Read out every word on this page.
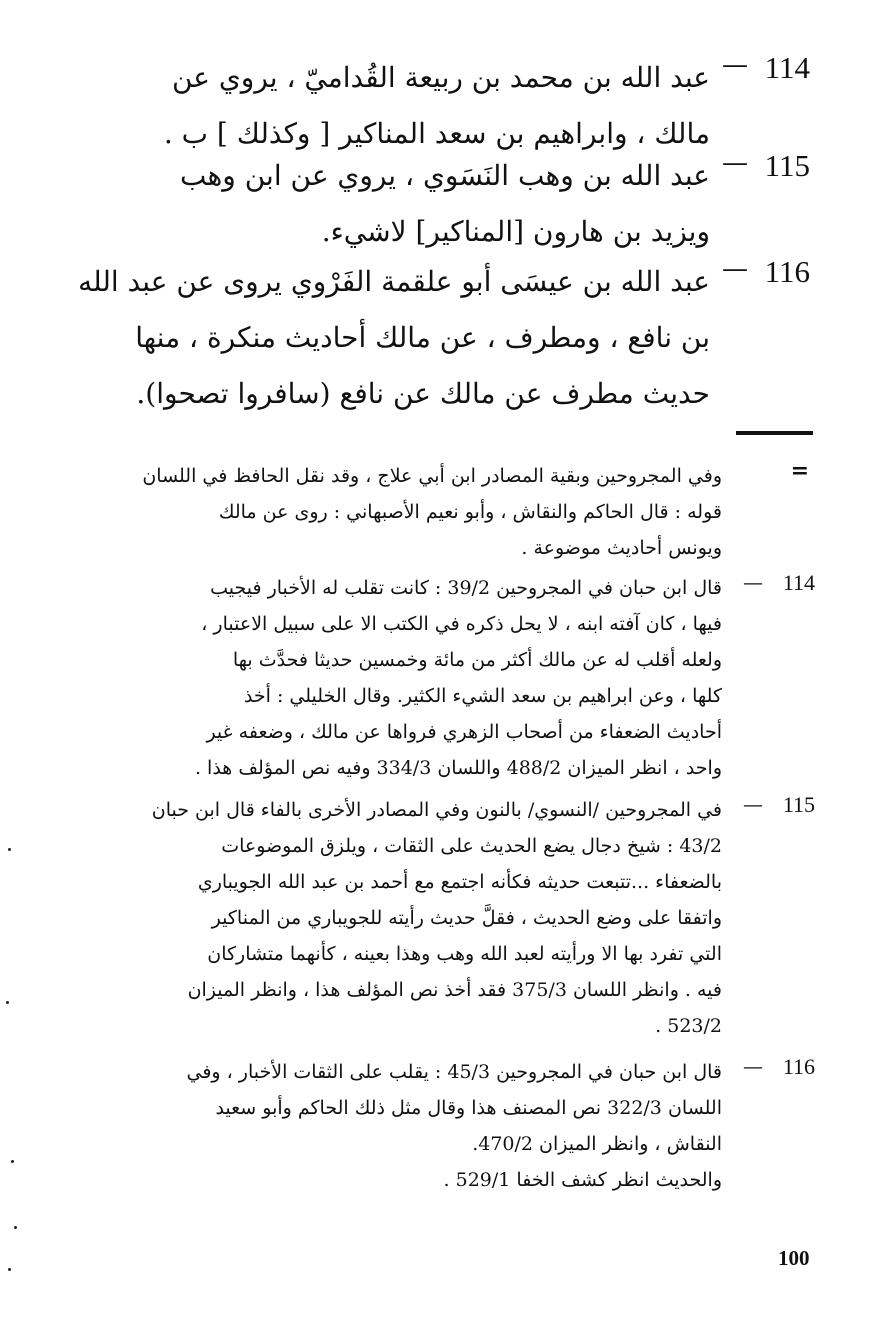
114
—
عبد الله بن محمد بن ربيعة القُداميّ ، يروي عن
مالك ، وابراهيم بن سعد المناكير [ وكذلك ] ب .
115
—
عبد الله بن وهب النَسَوي ، يروي عن ابن وهب
ويزيد بن هارون [المناكير] لاشيء.
116
—
عبد الله بن عيسَى أبو علقمة الفَرْوي يروى عن عبد الله
بن نافع ، ومطرف ، عن مالك أحاديث منكرة ، منها
حديث مطرف عن مالك عن نافع (سافروا تصحوا).
=
وفي المجروحين وبقية المصادر ابن أبي علاج ، وقد نقل الحافظ في اللسان
قوله : قال الحاكم والنقاش ، وأبو نعيم الأصبهاني : روى عن مالك
ويونس أحاديث موضوعة .
114
—
قال ابن حبان في المجروحين 39/2 : كانت تقلب له الأخبار فيجيب
فيها ، كان آفته ابنه ، لا يحل ذكره في الكتب الا على سبيل الاعتبار ،
ولعله أقلب له عن مالك أكثر من مائة وخمسين حديثا فحدَّث بها
كلها ، وعن ابراهيم بن سعد الشيء الكثير. وقال الخليلي : أخذ
أحاديث الضعفاء من أصحاب الزهري فرواها عن مالك ، وضعفه غير
واحد ، انظر الميزان 488/2 واللسان 334/3 وفيه نص المؤلف هذا .
115
—
في المجروحين /النسوي/ بالنون وفي المصادر الأخرى بالفاء قال ابن حبان
43/2 : شيخ دجال يضع الحديث على الثقات ، ويلزق الموضوعات
بالضعفاء ...تتبعت حديثه فكأنه اجتمع مع أحمد بن عبد الله الجويباري
واتفقا على وضع الحديث ، فقلَّ حديث رأيته للجويباري من المناكير
التي تفرد بها الا ورأيته لعبد الله وهب وهذا بعينه ، كأنهما متشاركان
فيه . وانظر اللسان 375/3 فقد أخذ نص المؤلف هذا ، وانظر الميزان
523/2 .
116
—
قال ابن حبان في المجروحين 45/3 : يقلب على الثقات الأخبار ، وفي
اللسان 322/3 نص المصنف هذا وقال مثل ذلك الحاكم وأبو سعيد
النقاش ، وانظر الميزان 470/2.
والحديث انظر كشف الخفا 529/1 .
100
